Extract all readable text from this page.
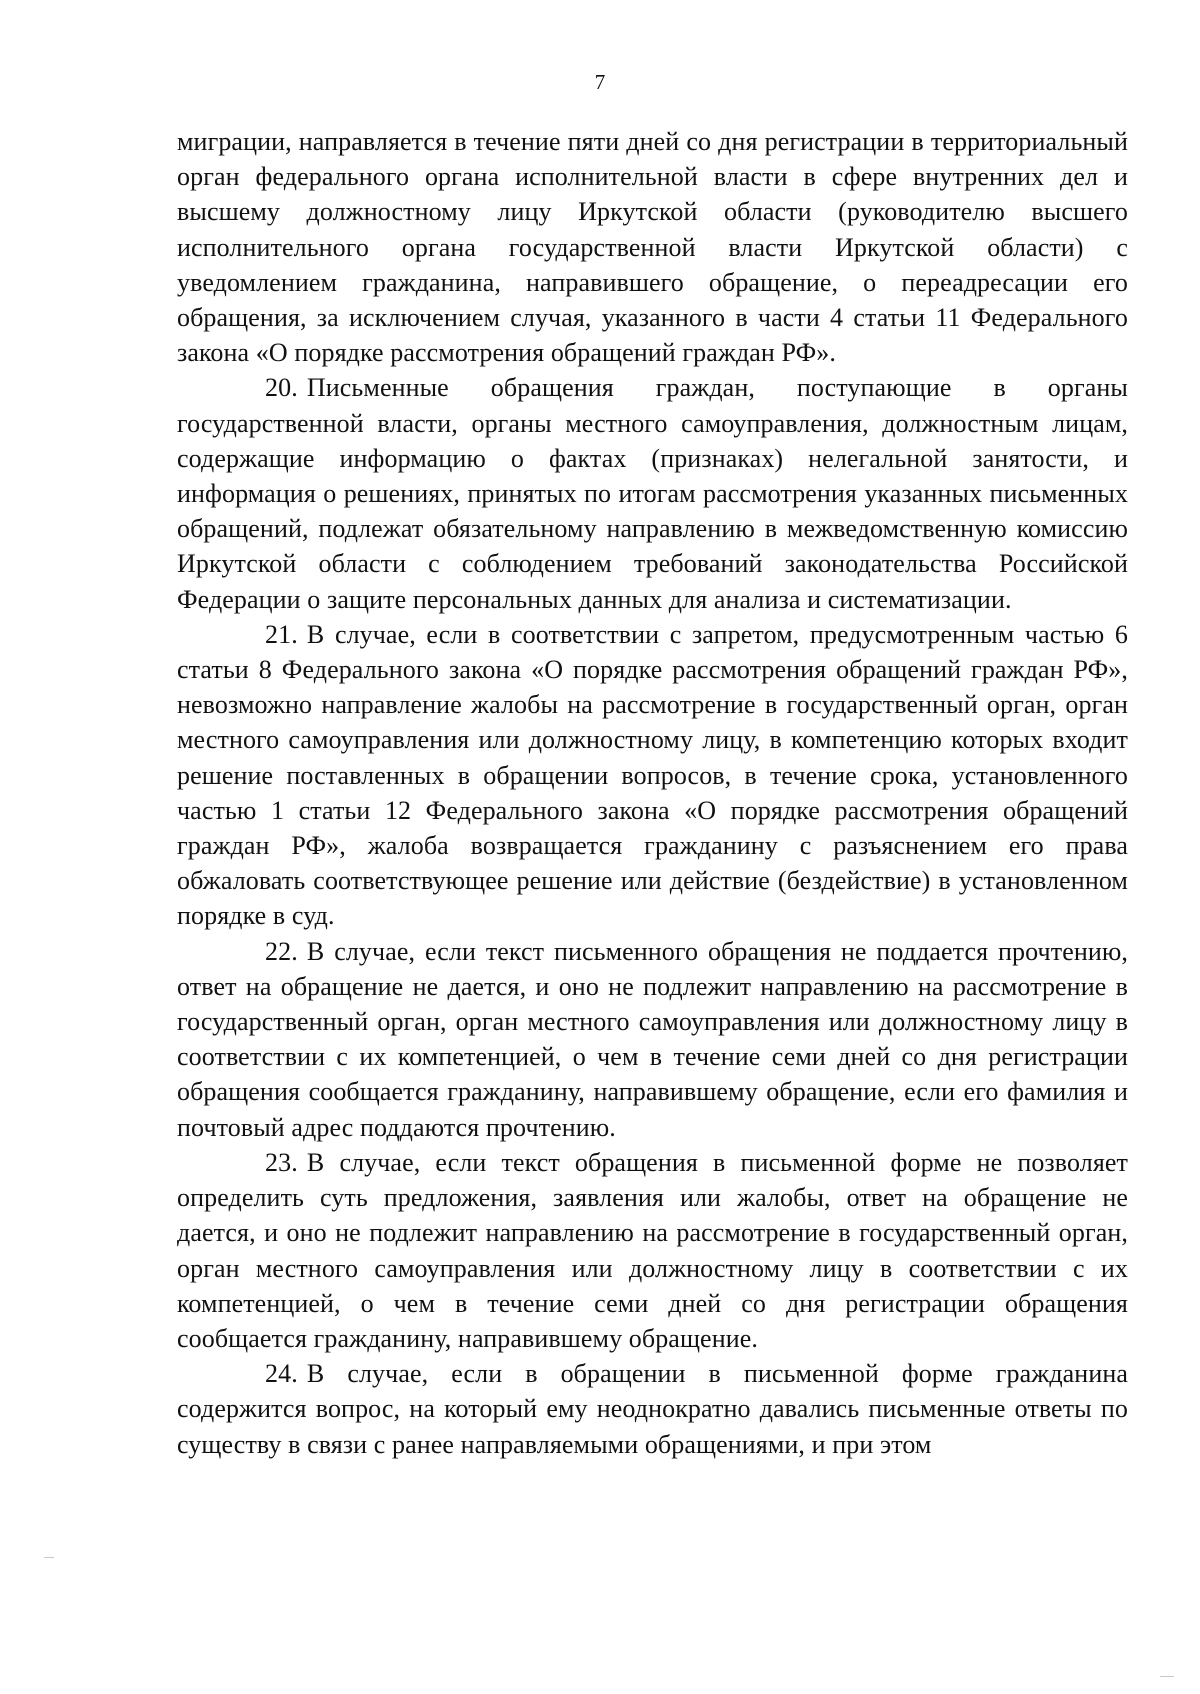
7

миграции, направляется в течение пяти дней со дня регистрации в территориальный орган федерального органа исполнительной власти в сфере внутренних дел и высшему должностному лицу Иркутской области (руководителю высшего исполнительного органа государственной власти Иркутской области) с уведомлением гражданина, направившего обращение, о переадресации его обращения, за исключением случая, указанного в части 4 статьи 11 Федерального закона «О порядке рассмотрения обращений граждан РФ».

20. Письменные обращения граждан, поступающие в органы государственной власти, органы местного самоуправления, должностным лицам, содержащие информацию о фактах (признаках) нелегальной занятости, и информация о решениях, принятых по итогам рассмотрения указанных письменных обращений, подлежат обязательному направлению в межведомственную комиссию Иркутской области с соблюдением требований законодательства Российской Федерации о защите персональных данных для анализа и систематизации.

21. В случае, если в соответствии с запретом, предусмотренным частью 6 статьи 8 Федерального закона «О порядке рассмотрения обращений граждан РФ», невозможно направление жалобы на рассмотрение в государственный орган, орган местного самоуправления или должностному лицу, в компетенцию которых входит решение поставленных в обращении вопросов, в течение срока, установленного частью 1 статьи 12 Федерального закона «О порядке рассмотрения обращений граждан РФ», жалоба возвращается гражданину с разъяснением его права обжаловать соответствующее решение или действие (бездействие) в установленном порядке в суд.

22. В случае, если текст письменного обращения не поддается прочтению, ответ на обращение не дается, и оно не подлежит направлению на рассмотрение в государственный орган, орган местного самоуправления или должностному лицу в соответствии с их компетенцией, о чем в течение семи дней со дня регистрации обращения сообщается гражданину, направившему обращение, если его фамилия и почтовый адрес поддаются прочтению.

23. В случае, если текст обращения в письменной форме не позволяет определить суть предложения, заявления или жалобы, ответ на обращение не дается, и оно не подлежит направлению на рассмотрение в государственный орган, орган местного самоуправления или должностному лицу в соответствии с их компетенцией, о чем в течение семи дней со дня регистрации обращения сообщается гражданину, направившему обращение.

24. В случае, если в обращении в письменной форме гражданина содержится вопрос, на который ему неоднократно давались письменные ответы по существу в связи с ранее направляемыми обращениями, и при этом
